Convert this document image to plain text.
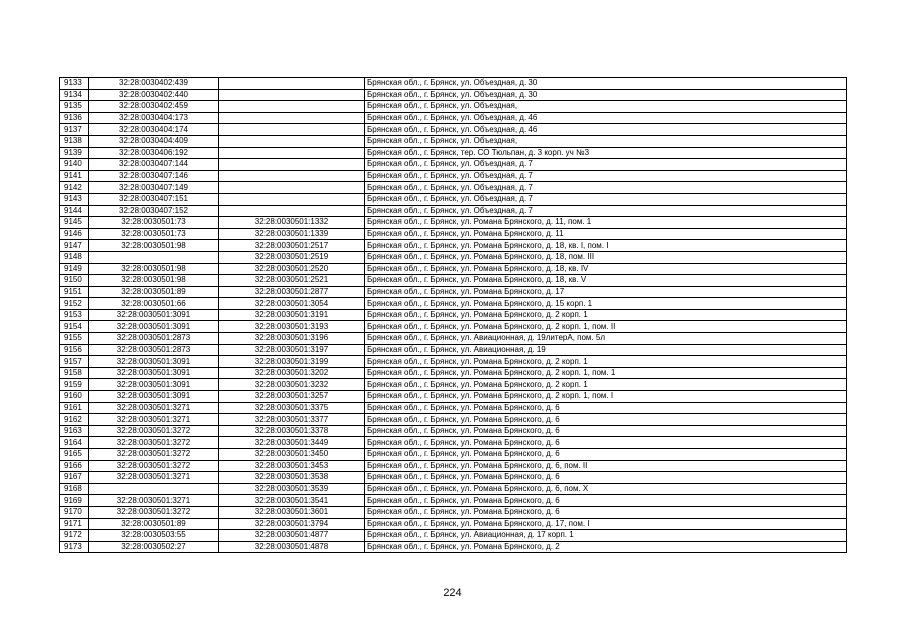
9133	32:28:0030402:439		Брянская обл., г. Брянск, ул. Объездная, д. 30
9134	32:28:0030402:440		Брянская обл., г. Брянск, ул. Объездная, д. 30
9135	32:28:0030402:459		Брянская обл., г. Брянск, ул. Объездная,
9136	32:28:0030404:173		Брянская обл., г. Брянск, ул. Объездная, д. 46
9137	32:28:0030404:174		Брянская обл., г. Брянск, ул. Объездная, д. 46
9138	32:28:0030404:409		Брянская обл., г. Брянск, ул. Объездная,
9139	32:28:0030406:192		Брянская обл., г. Брянск, тер. СО Тюльпан, д. 3 корп. уч №3
9140	32:28:0030407:144		Брянская обл., г. Брянск, ул. Объездная, д. 7
9141	32:28:0030407:146		Брянская обл., г. Брянск, ул. Объездная, д. 7
9142	32:28:0030407:149		Брянская обл., г. Брянск, ул. Объездная, д. 7
9143	32:28:0030407:151		Брянская обл., г. Брянск, ул. Объездная, д. 7
9144	32:28:0030407:152		Брянская обл., г. Брянск, ул. Объездная, д. 7
9145	32:28:0030501:73	32:28:0030501:1332	Брянская обл., г. Брянск, ул. Романа Брянского, д. 11, пом. 1
9146	32:28:0030501:73	32:28:0030501:1339	Брянская обл., г. Брянск, ул. Романа Брянского, д. 11
9147	32:28:0030501:98	32:28:0030501:2517	Брянская обл., г. Брянск, ул. Романа Брянского, д. 18, кв. I, пом. I
9148		32:28:0030501:2519	Брянская обл., г. Брянск, ул. Романа Брянского, д. 18, пом. III
9149	32:28:0030501:98	32:28:0030501:2520	Брянская обл., г. Брянск, ул. Романа Брянского, д. 18, кв. IV
9150	32:28:0030501:98	32:28:0030501:2521	Брянская обл., г. Брянск, ул. Романа Брянского, д. 18, кв. V
9151	32:28:0030501:89	32:28:0030501:2877	Брянская обл., г. Брянск, ул. Романа Брянского, д. 17
9152	32:28:0030501:66	32:28:0030501:3054	Брянская обл., г. Брянск, ул. Романа Брянского, д. 15 корп. 1
9153	32:28:0030501:3091	32:28:0030501:3191	Брянская обл., г. Брянск, ул. Романа Брянского, д. 2 корп. 1
9154	32:28:0030501:3091	32:28:0030501:3193	Брянская обл., г. Брянск, ул. Романа Брянского, д. 2 корп. 1, пом. II
9155	32:28:0030501:2873	32:28:0030501:3196	Брянская обл., г. Брянск, ул. Авиационная, д. 19литерА, пом. 5л
9156	32:28:0030501:2873	32:28:0030501:3197	Брянская обл., г. Брянск, ул. Авиационная, д. 19
9157	32:28:0030501:3091	32:28:0030501:3199	Брянская обл., г. Брянск, ул. Романа Брянского, д. 2 корп. 1
9158	32:28:0030501:3091	32:28:0030501:3202	Брянская обл., г. Брянск, ул. Романа Брянского, д. 2 корп. 1, пом. 1
9159	32:28:0030501:3091	32:28:0030501:3232	Брянская обл., г. Брянск, ул. Романа Брянского, д. 2 корп. 1
9160	32:28:0030501:3091	32:28:0030501:3257	Брянская обл., г. Брянск, ул. Романа Брянского, д. 2 корп. 1, пом. I
9161	32:28:0030501:3271	32:28:0030501:3375	Брянская обл., г. Брянск, ул. Романа Брянского, д. 6
9162	32:28:0030501:3271	32:28:0030501:3377	Брянская обл., г. Брянск, ул. Романа Брянского, д. 6
9163	32:28:0030501:3272	32:28:0030501:3378	Брянская обл., г. Брянск, ул. Романа Брянского, д. 6
9164	32:28:0030501:3272	32:28:0030501:3449	Брянская обл., г. Брянск, ул. Романа Брянского, д. 6
9165	32:28:0030501:3272	32:28:0030501:3450	Брянская обл., г. Брянск, ул. Романа Брянского, д. 6
9166	32:28:0030501:3272	32:28:0030501:3453	Брянская обл., г. Брянск, ул. Романа Брянского, д. 6, пом. II
9167	32:28:0030501:3271	32:28:0030501:3538	Брянская обл., г. Брянск, ул. Романа Брянского, д. 6
9168		32:28:0030501:3539	Брянская обл., г. Брянск, ул. Романа Брянского, д. 6, пом. X
9169	32:28:0030501:3271	32:28:0030501:3541	Брянская обл., г. Брянск, ул. Романа Брянского, д. 6
9170	32:28:0030501:3272	32:28:0030501:3601	Брянская обл., г. Брянск, ул. Романа Брянского, д. 6
9171	32:28:0030501:89	32:28:0030501:3794	Брянская обл., г. Брянск, ул. Романа Брянского, д. 17, пом. I
9172	32:28:0030503:55	32:28:0030501:4877	Брянская обл., г. Брянск, ул. Авиационная, д. 17 корп. 1
9173	32:28:0030502:27	32:28:0030501:4878	Брянская обл., г. Брянск, ул. Романа Брянского, д. 2
224
